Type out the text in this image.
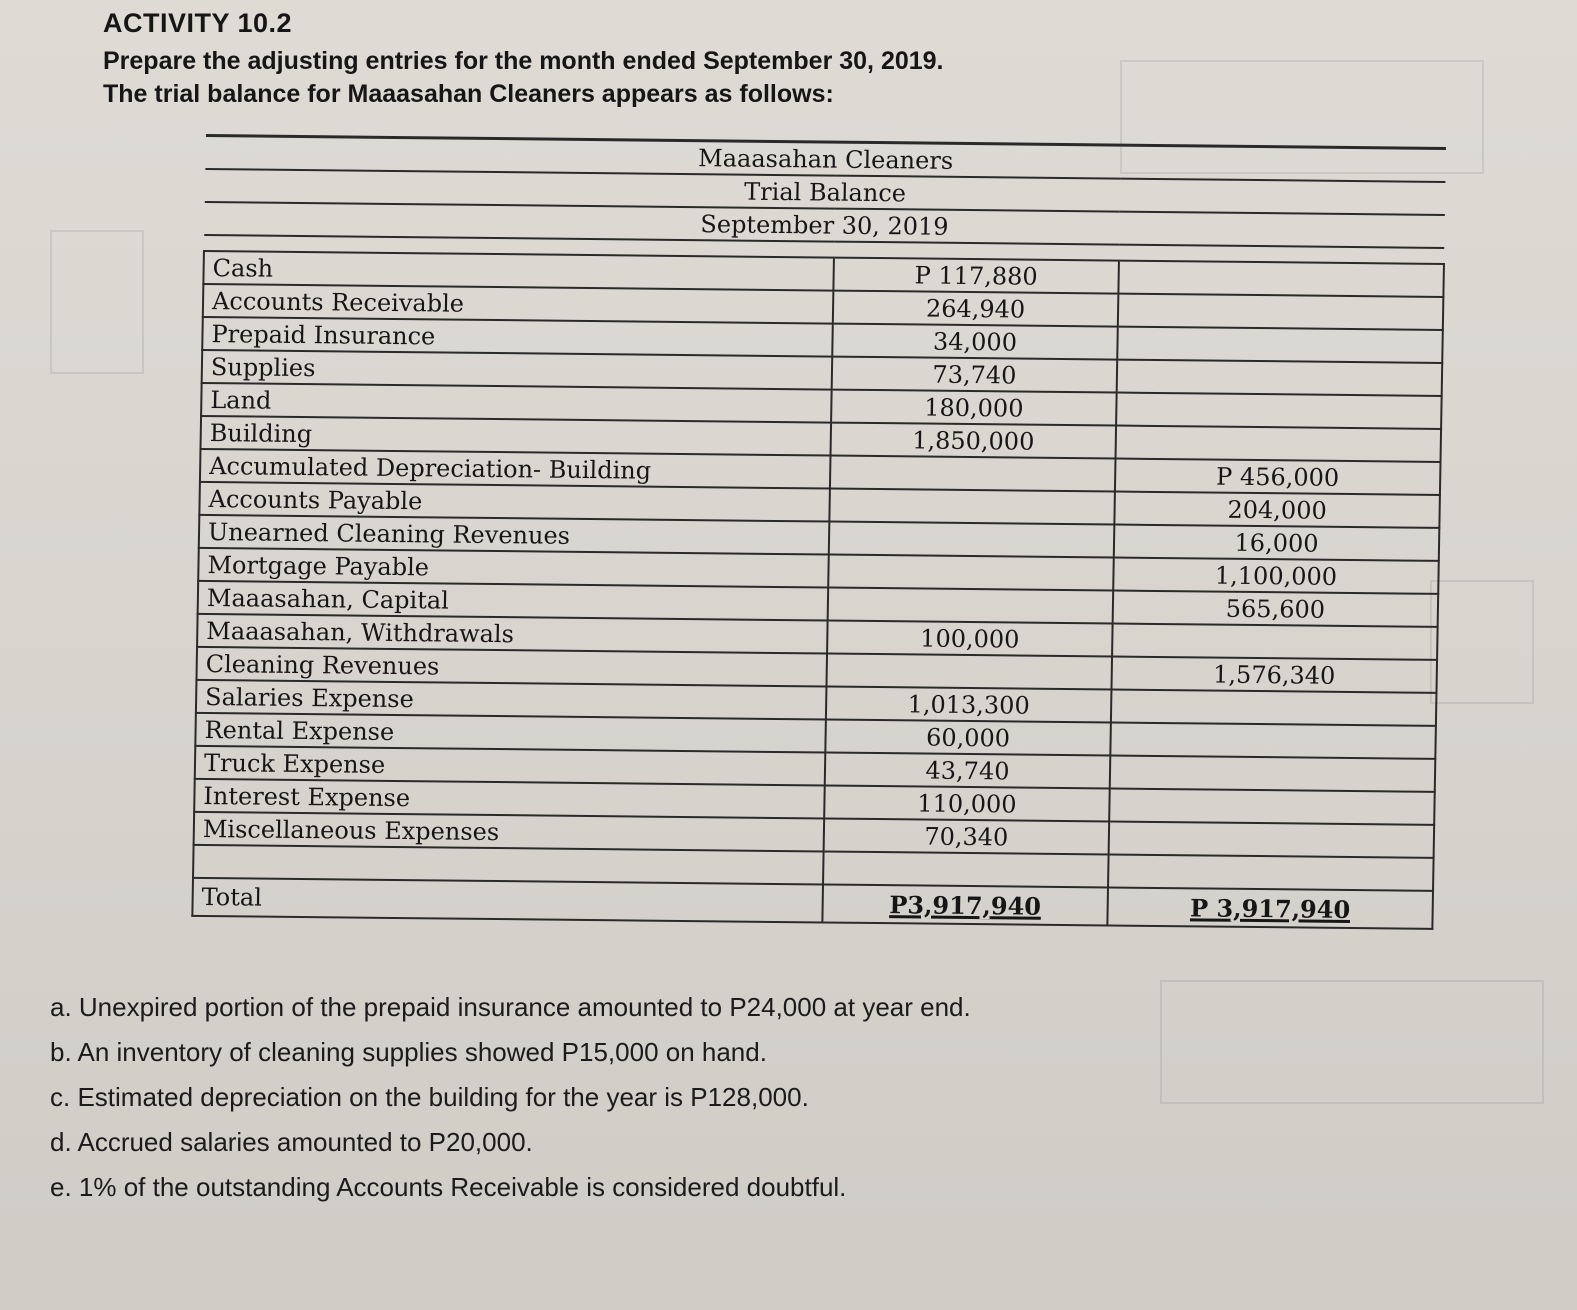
ACTIVITY 10.2
Prepare the adjusting entries for the month ended September 30, 2019.
The trial balance for Maaasahan Cleaners appears as follows:
Maaasahan Cleaners		
Trial Balance		
September 30, 2019		

Cash	P 117,880	
Accounts Receivable	264,940	
Prepaid Insurance	34,000	
Supplies	73,740	
Land	180,000	
Building	1,850,000	
Accumulated Depreciation- Building		P 456,000
Accounts Payable		204,000
Unearned Cleaning Revenues		16,000
Mortgage Payable		1,100,000
Maaasahan, Capital		565,600
Maaasahan, Withdrawals	100,000	
Cleaning Revenues		1,576,340
Salaries Expense	1,013,300	
Rental Expense	60,000	
Truck Expense	43,740	
Interest Expense	110,000	
Miscellaneous Expenses	70,340	

Total	P3,917,940	P 3,917,940
a. Unexpired portion of the prepaid insurance amounted to P24,000 at year end.
b. An inventory of cleaning supplies showed P15,000 on hand.
c. Estimated depreciation on the building for the year is P128,000.
d. Accrued salaries amounted to P20,000.
e. 1% of the outstanding Accounts Receivable is considered doubtful.
